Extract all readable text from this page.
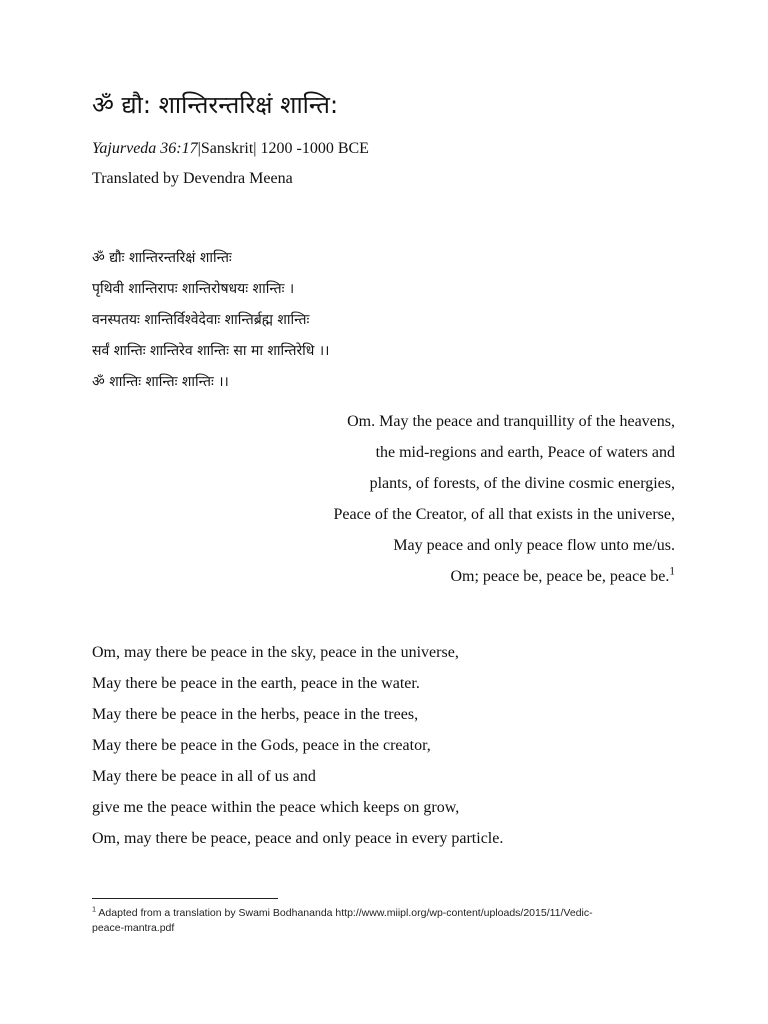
ॐ द्यौ: शान्तिरन्तरिक्षं शान्ति:
Yajurveda 36:17|Sanskrit| 1200 -1000 BCE
Translated by Devendra Meena
ॐ द्यौः शान्तिरन्तरिक्षं शान्तिः
पृथिवी शान्तिरापः शान्तिरोषधयः शान्तिः ।
वनस्पतयः शान्तिर्विश्वेदेवाः शान्तिर्ब्रह्म शान्तिः
सर्वं शान्तिः शान्तिरेव शान्तिः सा मा शान्तिरेधि ।।
ॐ शान्तिः शान्तिः शान्तिः ।।
Om. May the peace and tranquillity of the heavens,
the mid-regions and earth, Peace of waters and
plants, of forests, of the divine cosmic energies,
Peace of the Creator, of all that exists in the universe,
May peace and only peace flow unto me/us.
Om; peace be, peace be, peace be.$^1$
Om, may there be peace in the sky, peace in the universe,
May there be peace in the earth, peace in the water.
May there be peace in the herbs, peace in the trees,
May there be peace in the Gods, peace in the creator,
May there be peace in all of us and
give me the peace within the peace which keeps on grow,
Om, may there be peace, peace and only peace in every particle.
$^1$ Adapted from a translation by Swami Bodhananda http://www.miipl.org/wp-content/uploads/2015/11/Vedic-
peace-mantra.pdf
